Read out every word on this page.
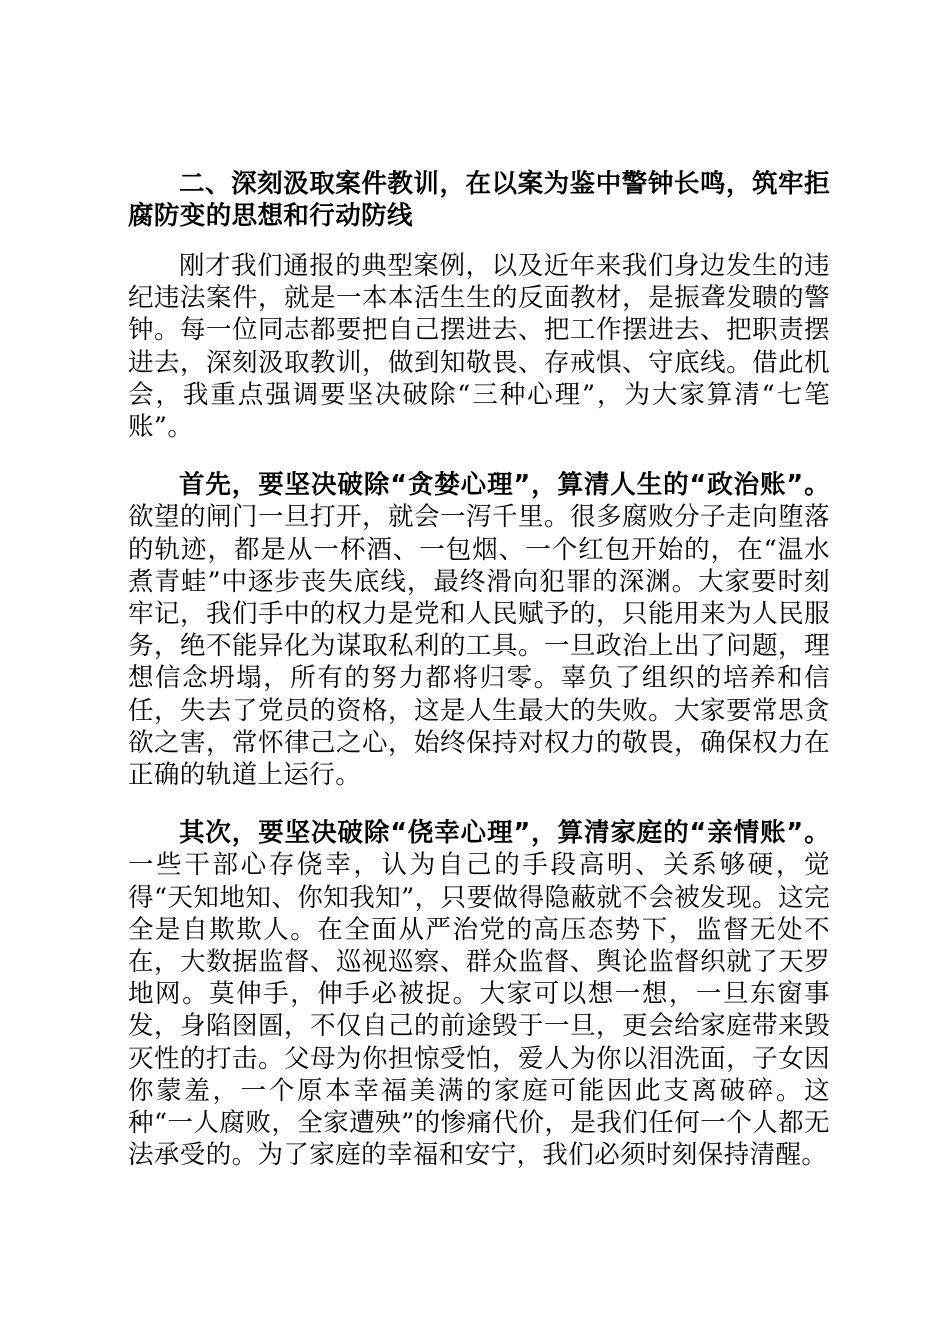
二、深刻汲取案件教训，在以案为鉴中警钟长鸣，筑牢拒腐防变的思想和行动防线

刚才我们通报的典型案例，以及近年来我们身边发生的违纪违法案件，就是一本本活生生的反面教材，是振聋发聩的警钟。每一位同志都要把自己摆进去、把工作摆进去、把职责摆进去，深刻汲取教训，做到知敬畏、存戒惧、守底线。借此机会，我重点强调要坚决破除“三种心理”，为大家算清“七笔账”。

首先，要坚决破除“贪婪心理”，算清人生的“政治账”。欲望的闸门一旦打开，就会一泻千里。很多腐败分子走向堕落的轨迹，都是从一杯酒、一包烟、一个红包开始的，在“温水煮青蛙”中逐步丧失底线，最终滑向犯罪的深渊。大家要时刻牢记，我们手中的权力是党和人民赋予的，只能用来为人民服务，绝不能异化为谋取私利的工具。一旦政治上出了问题，理想信念坍塌，所有的努力都将归零。辜负了组织的培养和信任，失去了党员的资格，这是人生最大的失败。大家要常思贪欲之害，常怀律己之心，始终保持对权力的敬畏，确保权力在正确的轨道上运行。

其次，要坚决破除“侥幸心理”，算清家庭的“亲情账”。一些干部心存侥幸，认为自己的手段高明、关系够硬，觉得“天知地知、你知我知”，只要做得隐蔽就不会被发现。这完全是自欺欺人。在全面从严治党的高压态势下，监督无处不在，大数据监督、巡视巡察、群众监督、舆论监督织就了天罗地网。莫伸手，伸手必被捉。大家可以想一想，一旦东窗事发，身陷囹圄，不仅自己的前途毁于一旦，更会给家庭带来毁灭性的打击。父母为你担惊受怕，爱人为你以泪洗面，子女因你蒙羞，一个原本幸福美满的家庭可能因此支离破碎。这种“一人腐败，全家遭殃”的惨痛代价，是我们任何一个人都无法承受的。为了家庭的幸福和安宁，我们必须时刻保持清醒。
